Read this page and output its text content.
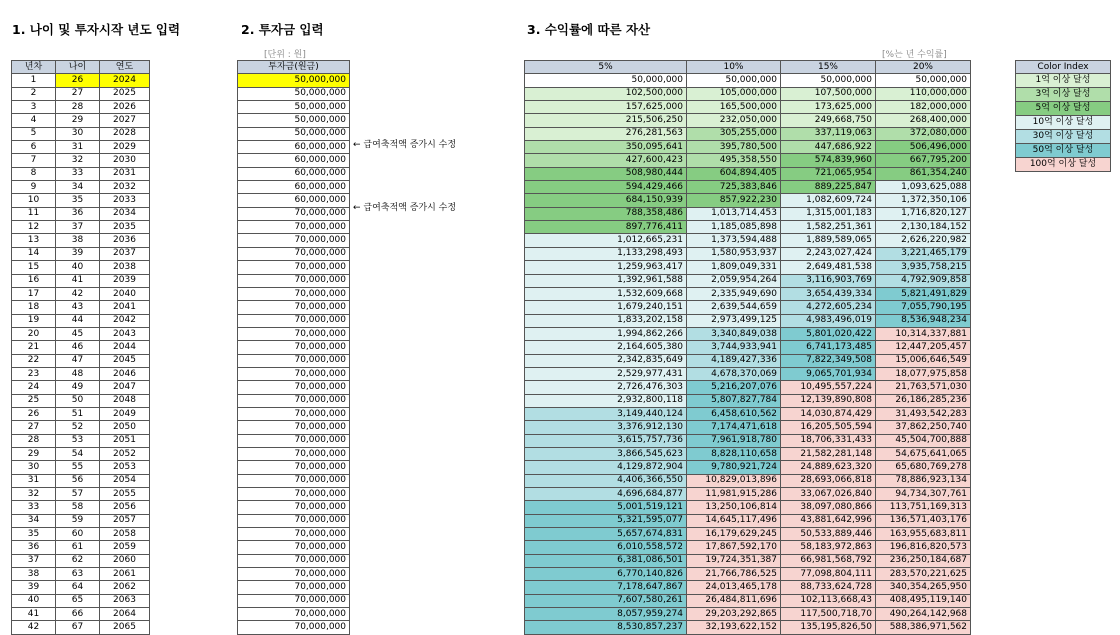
1. 나이 및 투자시작 년도 입력	2. 투자금 입력	3. 수익률에 따른 자산
[단위 : 원]	[%는 년 수익률]
년차	나이	연도
1	26	2024
2	27	2025
3	28	2026
4	29	2027
5	30	2028
6	31	2029
7	32	2030
8	33	2031
9	34	2032
10	35	2033
11	36	2034
12	37	2035
13	38	2036
14	39	2037
15	40	2038
16	41	2039
17	42	2040
18	43	2041
19	44	2042
20	45	2043
21	46	2044
22	47	2045
23	48	2046
24	49	2047
25	50	2048
26	51	2049
27	52	2050
28	53	2051
29	54	2052
30	55	2053
31	56	2054
32	57	2055
33	58	2056
34	59	2057
35	60	2058
36	61	2059
37	62	2060
38	63	2061
39	64	2062
40	65	2063
41	66	2064
42	67	2065
투자금(원금)
50,000,000
50,000,000
50,000,000
50,000,000
50,000,000
60,000,000
60,000,000
60,000,000
60,000,000
60,000,000
70,000,000
70,000,000
70,000,000
70,000,000
70,000,000
70,000,000
70,000,000
70,000,000
70,000,000
70,000,000
70,000,000
70,000,000
70,000,000
70,000,000
70,000,000
70,000,000
70,000,000
70,000,000
70,000,000
70,000,000
70,000,000
70,000,000
70,000,000
70,000,000
70,000,000
70,000,000
70,000,000
70,000,000
70,000,000
70,000,000
70,000,000
70,000,000
← 급여축적액 증가시 수정
← 급여축적액 증가시 수정
5%	10%	15%	20%
50,000,000	50,000,000	50,000,000	50,000,000
102,500,000	105,000,000	107,500,000	110,000,000
157,625,000	165,500,000	173,625,000	182,000,000
215,506,250	232,050,000	249,668,750	268,400,000
276,281,563	305,255,000	337,119,063	372,080,000
350,095,641	395,780,500	447,686,922	506,496,000
427,600,423	495,358,550	574,839,960	667,795,200
508,980,444	604,894,405	721,065,954	861,354,240
594,429,466	725,383,846	889,225,847	1,093,625,088
684,150,939	857,922,230	1,082,609,724	1,372,350,106
788,358,486	1,013,714,453	1,315,001,183	1,716,820,127
897,776,411	1,185,085,898	1,582,251,361	2,130,184,152
1,012,665,231	1,373,594,488	1,889,589,065	2,626,220,982
1,133,298,493	1,580,953,937	2,243,027,424	3,221,465,179
1,259,963,417	1,809,049,331	2,649,481,538	3,935,758,215
1,392,961,588	2,059,954,264	3,116,903,769	4,792,909,858
1,532,609,668	2,335,949,690	3,654,439,334	5,821,491,829
1,679,240,151	2,639,544,659	4,272,605,234	7,055,790,195
1,833,202,158	2,973,499,125	4,983,496,019	8,536,948,234
1,994,862,266	3,340,849,038	5,801,020,422	10,314,337,881
2,164,605,380	3,744,933,941	6,741,173,485	12,447,205,457
2,342,835,649	4,189,427,336	7,822,349,508	15,006,646,549
2,529,977,431	4,678,370,069	9,065,701,934	18,077,975,858
2,726,476,303	5,216,207,076	10,495,557,224	21,763,571,030
2,932,800,118	5,807,827,784	12,139,890,808	26,186,285,236
3,149,440,124	6,458,610,562	14,030,874,429	31,493,542,283
3,376,912,130	7,174,471,618	16,205,505,594	37,862,250,740
3,615,757,736	7,961,918,780	18,706,331,433	45,504,700,888
3,866,545,623	8,828,110,658	21,582,281,148	54,675,641,065
4,129,872,904	9,780,921,724	24,889,623,320	65,680,769,278
4,406,366,550	10,829,013,896	28,693,066,818	78,886,923,134
4,696,684,877	11,981,915,286	33,067,026,840	94,734,307,761
5,001,519,121	13,250,106,814	38,097,080,866	113,751,169,313
5,321,595,077	14,645,117,496	43,881,642,996	136,571,403,176
5,657,674,831	16,179,629,245	50,533,889,446	163,955,683,811
6,010,558,572	17,867,592,170	58,183,972,863	196,816,820,573
6,381,086,501	19,724,351,387	66,981,568,792	236,250,184,687
6,770,140,826	21,766,786,525	77,098,804,111	283,570,221,625
7,178,647,867	24,013,465,178	88,733,624,728	340,354,265,950
7,607,580,261	26,484,811,696	102,113,668,43	408,495,119,140
8,057,959,274	29,203,292,865	117,500,718,70	490,264,142,968
8,530,857,237	32,193,622,152	135,195,826,50	588,386,971,562
Color Index
1억 이상 달성
3억 이상 달성
5억 이상 달성
10억 이상 달성
30억 이상 달성
50억 이상 달성
100억 이상 달성
